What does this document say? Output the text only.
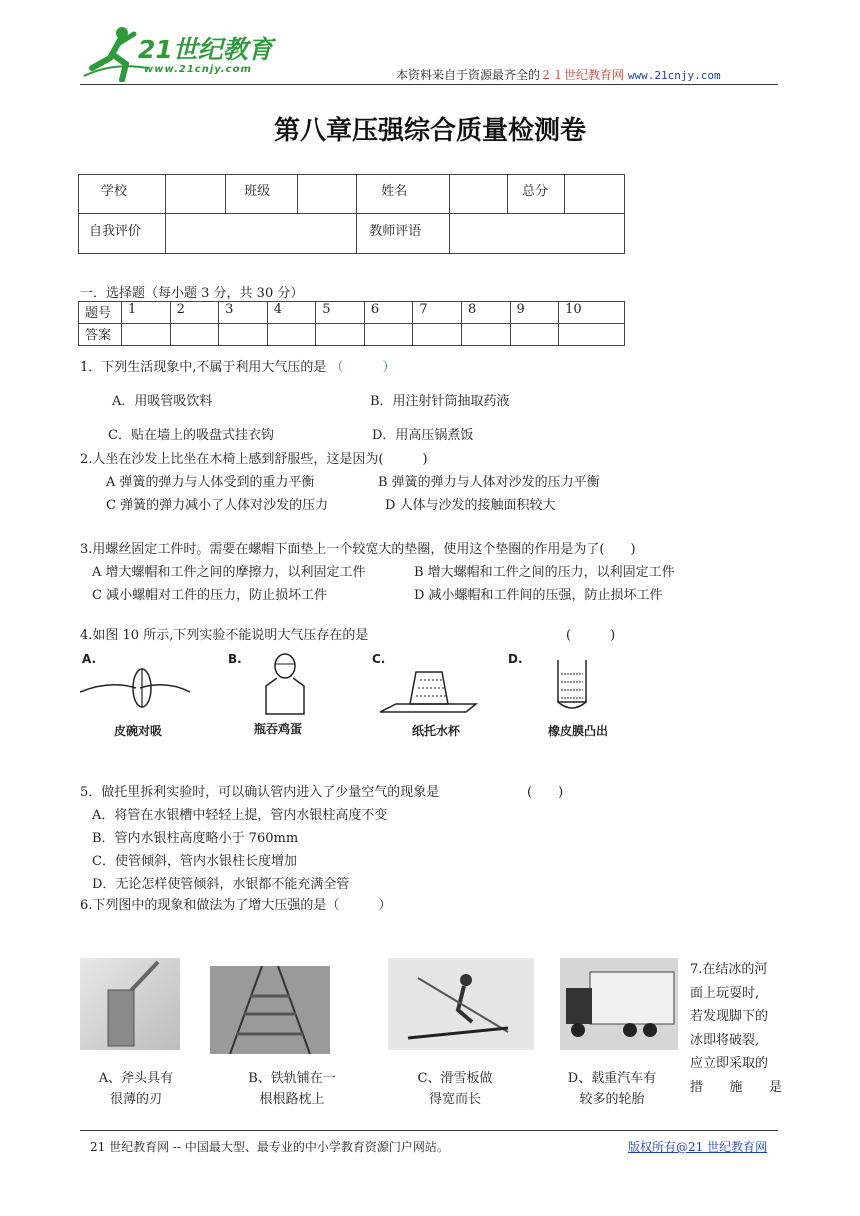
21世纪教育
www.21cnjy.com	本资料来自于资源最齐全的２１世纪教育网 www.21cnjy.com
第八章压强综合质量检测卷
学校		班级		姓名		总分	
自我评价				教师评语			
一．选择题（每小题 3 分，共 30 分）
题号	1	2	3	4	5	6	7	8	9	10
答案										
1．下列生活现象中,不属于利用大气压的是 （　　　）
A．用吸管吸饮料	B．用注射针筒抽取药液
C．贴在墙上的吸盘式挂衣钩	D．用高压锅煮饭
2.人坐在沙发上比坐在木椅上感到舒服些，这是因为(　　　)
A 弹簧的弹力与人体受到的重力平衡	B 弹簧的弹力与人体对沙发的压力平衡
C 弹簧的弹力减小了人体对沙发的压力	D 人体与沙发的接触面积较大
3.用螺丝固定工件时。需要在螺帽下面垫上一个较宽大的垫圈，使用这个垫圈的作用是为了(　　)
A 增大螺帽和工件之间的摩擦力，以利固定工件	B 增大螺帽和工件之间的压力，以利固定工件
C 减小螺帽对工件的压力，防止损坏工件	D 减小螺帽和工件间的压强，防止损坏工件
4.如图 10 所示,下列实验不能说明大气压存在的是	(　　　)
A.
皮碗对吸
B.
瓶吞鸡蛋
C.
纸托水杯
D.
橡皮膜凸出
5．做托里拆利实验时，可以确认管内进入了少量空气的现象是	(　　)
A．将管在水银槽中轻轻上提，管内水银柱高度不变
B．管内水银柱高度略小于 760mm
C．使管倾斜，管内水银柱长度增加
D．无论怎样使管倾斜，水银都不能充满全管
6.下列图中的现象和做法为了增大压强的是（　　　）
A、斧头具有
很薄的刃
B、铁轨铺在一
根根路枕上
C、滑雪板做
得宽而长
D、载重汽车有
较多的轮胎
7.在结冰的河
面上玩耍时,
若发现脚下的
冰即将破裂,
应立即采取的
措 施 是
21 世纪教育网 -- 中国最大型、最专业的中小学教育资源门户网站。	版权所有@21 世纪教育网
